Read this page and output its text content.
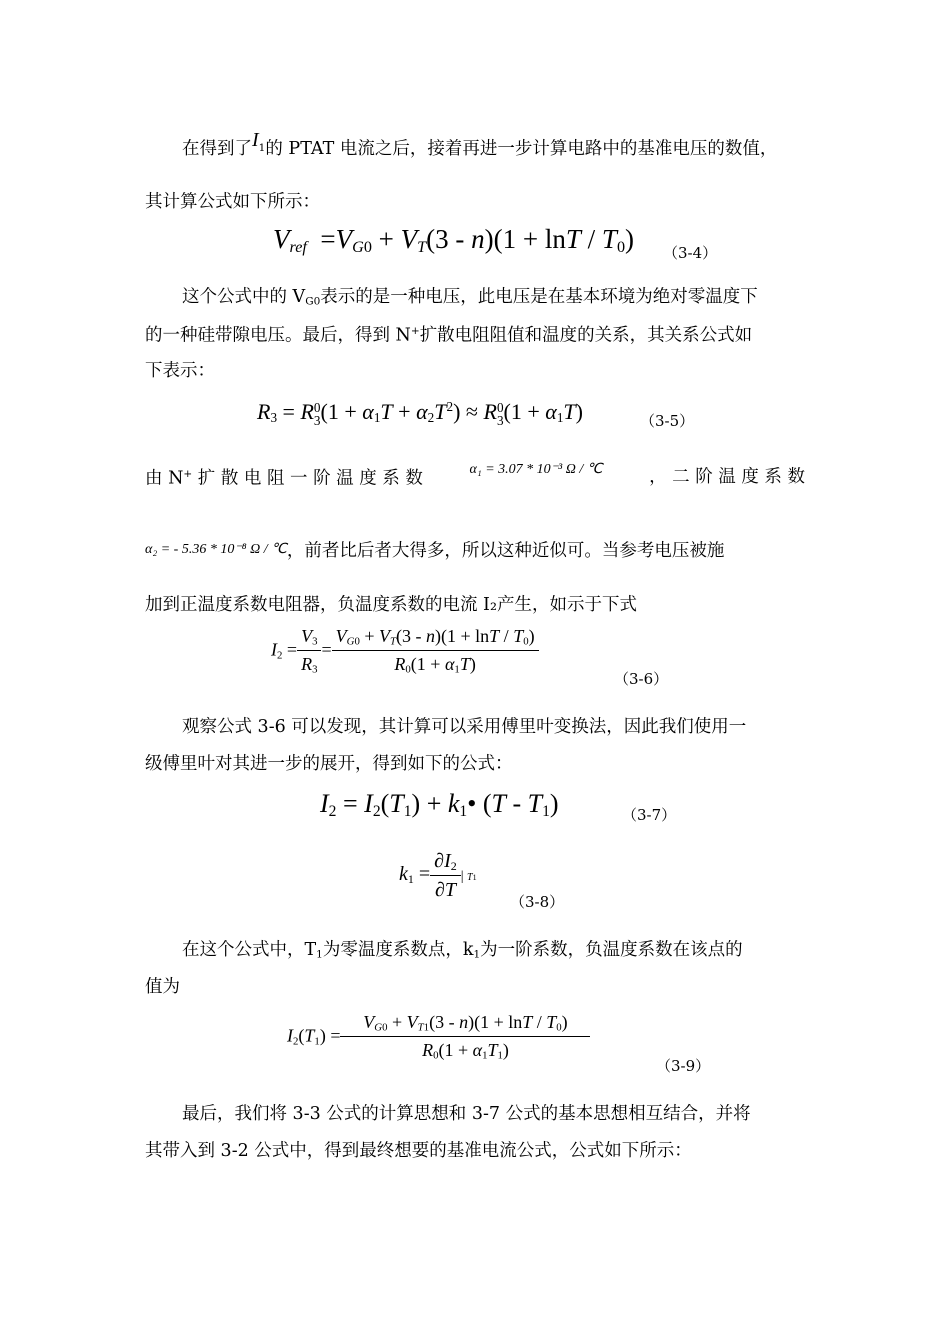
在得到了$I_1$的 PTAT 电流之后，接着再进一步计算电路中的基准电压的数值，
其计算公式如下所示：
$V_{ref} =V_{G0} + V_T(3 - n)(1 + \ln T / T_0)$ （3-4）
这个公式中的 $V_{G0}$表示的是一种电压，此电压是在基本环境为绝对零温度下
的一种硅带隙电压。最后，得到 N+扩散电阻阻值和温度的关系，其关系公式如
下表示：
$R_3 = R$ 0
3 $(1 + \alpha_1T + \alpha_2T^2) \approx R$ 0
3 $(1 + \alpha_1T)$	（3-5）
由 N+ 扩 散 电 阻 一 阶 温 度 系 数	α₁ = 3.07 * 10⁻³ Ω / ℃	， 二 阶 温 度 系 数
α₂ = - 5.36 * 10⁻⁸ Ω / ℃，前者比后者大得多，所以这种近似可。当参考电压被施
加到正温度系数电阻器，负温度系数的电流 I₂产生，如示于下式
$I_2 = \frac{V_3}{R_3} = \frac{V_{G0} + V_T(3 - n)(1 + \ln T / T_0)}{R_0(1 + \alpha_1T)}$
（3-6）
观察公式 3-6 可以发现，其计算可以采用傅里叶变换法，因此我们使用一
级傅里叶对其进一步的展开，得到如下的公式：
$I_2 = I_2(T_1)$ + $k_1•$ $(T - T_1)$	（3-7）
$k_1 = \frac{\partial I_2}{\partial T}$ | T1
（3-8）
在这个公式中，$T_1$为零温度系数点，$k_1$为一阶系数，负温度系数在该点的
值为
$I_2(T_1) = \frac{V_{G0} + V_{T1}(3 - n)(1 + \ln T / T_0)}{R_0(1 + \alpha_1T_1)}$
（3-9）
最后，我们将 3-3 公式的计算思想和 3-7 公式的基本思想相互结合，并将
其带入到 3-2 公式中，得到最终想要的基准电流公式，公式如下所示：
